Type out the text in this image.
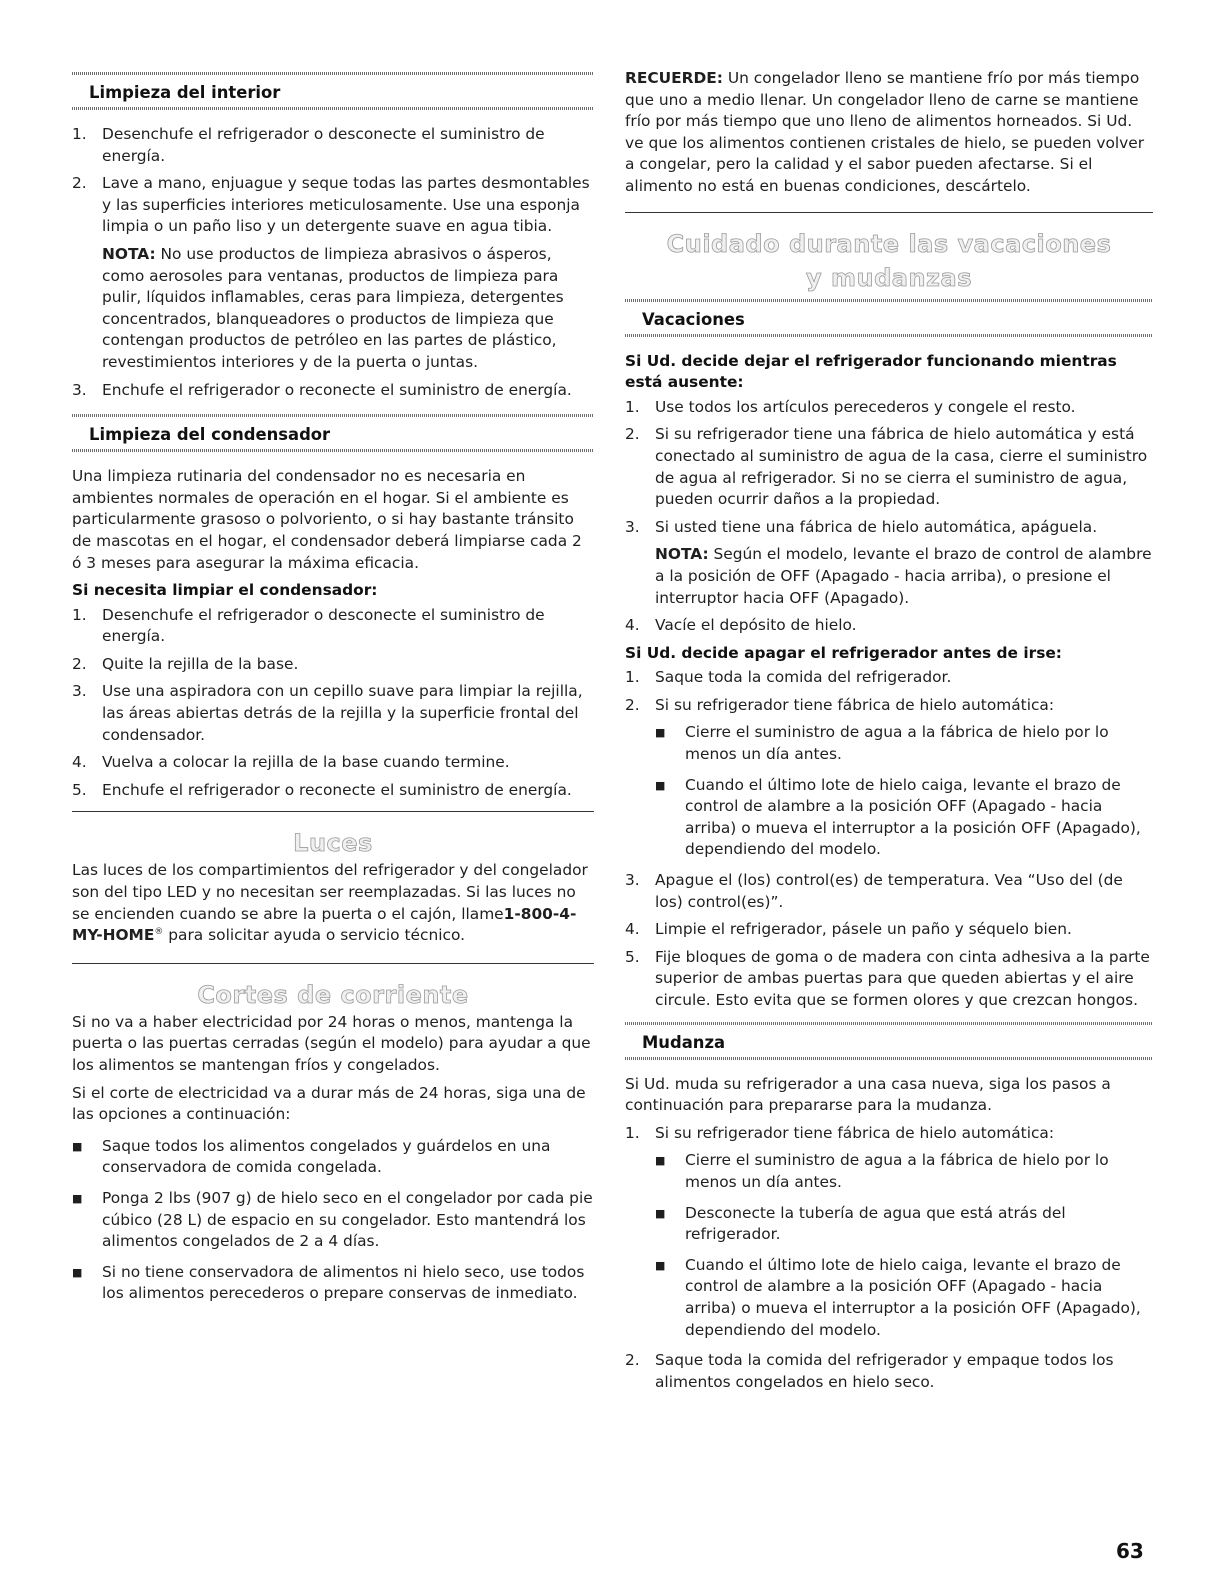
Limpieza del interior
1. Desenchufe el refrigerador o desconecte el suministro de energía.
2. Lave a mano, enjuague y seque todas las partes desmontables y las superficies interiores meticulosamente. Use una esponja limpia o un paño liso y un detergente suave en agua tibia.

NOTA: No use productos de limpieza abrasivos o ásperos, como aerosoles para ventanas, productos de limpieza para pulir, líquidos inflamables, ceras para limpieza, detergentes concentrados, blanqueadores o productos de limpieza que contengan productos de petróleo en las partes de plástico, revestimientos interiores y de la puerta o juntas.

3. Enchufe el refrigerador o reconecte el suministro de energía.
Limpieza del condensador

Una limpieza rutinaria del condensador no es necesaria en ambientes normales de operación en el hogar. Si el ambiente es particularmente grasoso o polvoriento, o si hay bastante tránsito de mascotas en el hogar, el condensador deberá limpiarse cada 2 ó 3 meses para asegurar la máxima eficacia.

Si necesita limpiar el condensador:

1. Desenchufe el refrigerador o desconecte el suministro de energía.
2. Quite la rejilla de la base.
3. Use una aspiradora con un cepillo suave para limpiar la rejilla, las áreas abiertas detrás de la rejilla y la superficie frontal del condensador.
4. Vuelva a colocar la rejilla de la base cuando termine.
5. Enchufe el refrigerador o reconecte el suministro de energía.
Luces

Las luces de los compartimientos del refrigerador y del congelador son del tipo LED y no necesitan ser reemplazadas. Si las luces no se encienden cuando se abre la puerta o el cajón, llame1-800-4-MY-HOME® para solicitar ayuda o servicio técnico.

Cortes de corriente

Si no va a haber electricidad por 24 horas o menos, mantenga la puerta o las puertas cerradas (según el modelo) para ayudar a que los alimentos se mantengan fríos y congelados.

Si el corte de electricidad va a durar más de 24 horas, siga una de las opciones a continuación:

■ Saque todos los alimentos congelados y guárdelos en una conservadora de comida congelada.
■ Ponga 2 lbs (907 g) de hielo seco en el congelador por cada pie cúbico (28 L) de espacio en su congelador. Esto mantendrá los alimentos congelados de 2 a 4 días.
■ Si no tiene conservadora de alimentos ni hielo seco, use todos los alimentos perecederos o prepare conservas de inmediato.

RECUERDE: Un congelador lleno se mantiene frío por más tiempo que uno a medio llenar. Un congelador lleno de carne se mantiene frío por más tiempo que uno lleno de alimentos horneados. Si Ud. ve que los alimentos contienen cristales de hielo, se pueden volver a congelar, pero la calidad y el sabor pueden afectarse. Si el alimento no está en buenas condiciones, descártelo.

Cuidado durante las vacaciones
y mudanzas
Vacaciones

Si Ud. decide dejar el refrigerador funcionando mientras está ausente:

1. Use todos los artículos perecederos y congele el resto.
2. Si su refrigerador tiene una fábrica de hielo automática y está conectado al suministro de agua de la casa, cierre el suministro de agua al refrigerador. Si no se cierra el suministro de agua, pueden ocurrir daños a la propiedad.
3. Si usted tiene una fábrica de hielo automática, apáguela.

NOTA: Según el modelo, levante el brazo de control de alambre a la posición de OFF (Apagado - hacia arriba), o presione el interruptor hacia OFF (Apagado).

4. Vacíe el depósito de hielo.

Si Ud. decide apagar el refrigerador antes de irse:

1. Saque toda la comida del refrigerador.
2. Si su refrigerador tiene fábrica de hielo automática:
■ Cierre el suministro de agua a la fábrica de hielo por lo menos un día antes.
■ Cuando el último lote de hielo caiga, levante el brazo de control de alambre a la posición OFF (Apagado - hacia arriba) o mueva el interruptor a la posición OFF (Apagado), dependiendo del modelo.
3. Apague el (los) control(es) de temperatura. Vea “Uso del (de los) control(es)”.
4. Limpie el refrigerador, pásele un paño y séquelo bien.
5. Fije bloques de goma o de madera con cinta adhesiva a la parte superior de ambas puertas para que queden abiertas y el aire circule. Esto evita que se formen olores y que crezcan hongos.
Mudanza

Si Ud. muda su refrigerador a una casa nueva, siga los pasos a continuación para prepararse para la mudanza.

1. Si su refrigerador tiene fábrica de hielo automática:
■ Cierre el suministro de agua a la fábrica de hielo por lo menos un día antes.
■ Desconecte la tubería de agua que está atrás del refrigerador.
■ Cuando el último lote de hielo caiga, levante el brazo de control de alambre a la posición OFF (Apagado - hacia arriba) o mueva el interruptor a la posición OFF (Apagado), dependiendo del modelo.
2. Saque toda la comida del refrigerador y empaque todos los alimentos congelados en hielo seco.
63
